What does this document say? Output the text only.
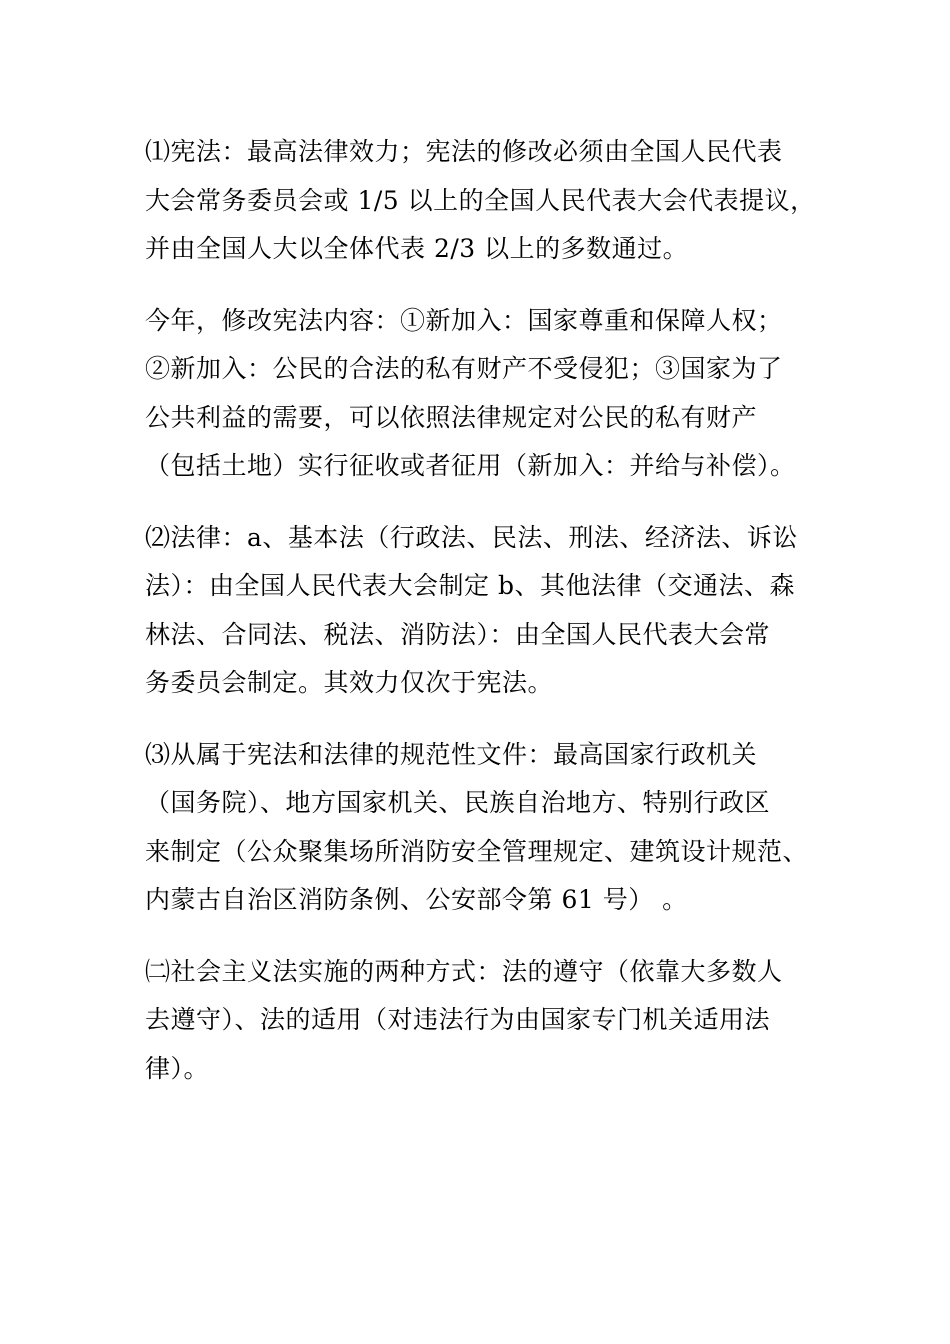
⑴宪法：最高法律效力；宪法的修改必须由全国人民代表
大会常务委员会或 1/5 以上的全国人民代表大会代表提议，
并由全国人大以全体代表 2/3 以上的多数通过。
今年，修改宪法内容：①新加入：国家尊重和保障人权；
②新加入：公民的合法的私有财产不受侵犯；③国家为了
公共利益的需要，可以依照法律规定对公民的私有财产
（包括土地）实行征收或者征用（新加入：并给与补偿）。
⑵法律：a、基本法（行政法、民法、刑法、经济法、诉讼
法）：由全国人民代表大会制定 b、其他法律（交通法、森
林法、合同法、税法、消防法）：由全国人民代表大会常
务委员会制定。其效力仅次于宪法。
⑶从属于宪法和法律的规范性文件：最高国家行政机关
（国务院）、地方国家机关、民族自治地方、特别行政区
来制定（公众聚集场所消防安全管理规定、建筑设计规范、
内蒙古自治区消防条例、公安部令第 61 号） 。
㈡社会主义法实施的两种方式：法的遵守（依靠大多数人
去遵守）、法的适用（对违法行为由国家专门机关适用法
律）。
